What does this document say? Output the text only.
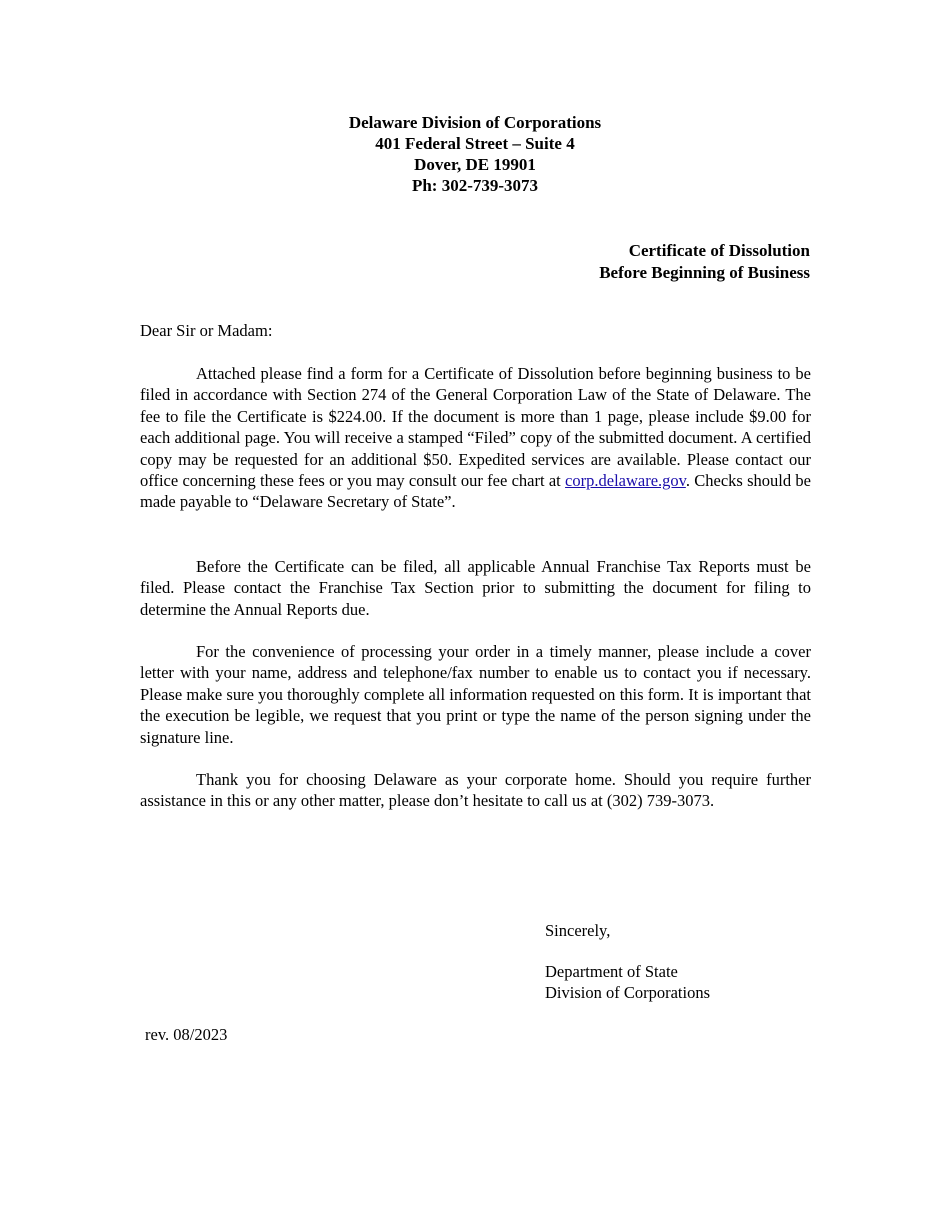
Delaware Division of Corporations
401 Federal Street – Suite 4
Dover, DE 19901
Ph: 302-739-3073
Certificate of Dissolution
Before Beginning of Business
Dear Sir or Madam:

Attached please find a form for a Certificate of Dissolution before beginning business to be filed in accordance with Section 274 of the General Corporation Law of the State of Delaware. The fee to file the Certificate is $224.00. If the document is more than 1 page, please include $9.00 for each additional page. You will receive a stamped “Filed” copy of the submitted document. A certified copy may be requested for an additional $50. Expedited services are available. Please contact our office concerning these fees or you may consult our fee chart at corp.delaware.gov. Checks should be made payable to “Delaware Secretary of State”.

Before the Certificate can be filed, all applicable Annual Franchise Tax Reports must be filed. Please contact the Franchise Tax Section prior to submitting the document for filing to determine the Annual Reports due.

For the convenience of processing your order in a timely manner, please include a cover letter with your name, address and telephone/fax number to enable us to contact you if necessary. Please make sure you thoroughly complete all information requested on this form. It is important that the execution be legible, we request that you print or type the name of the person signing under the signature line.

Thank you for choosing Delaware as your corporate home. Should you require further assistance in this or any other matter, please don’t hesitate to call us at (302) 739-3073.

Sincerely,
Department of State
Division of Corporations
rev. 08/2023
